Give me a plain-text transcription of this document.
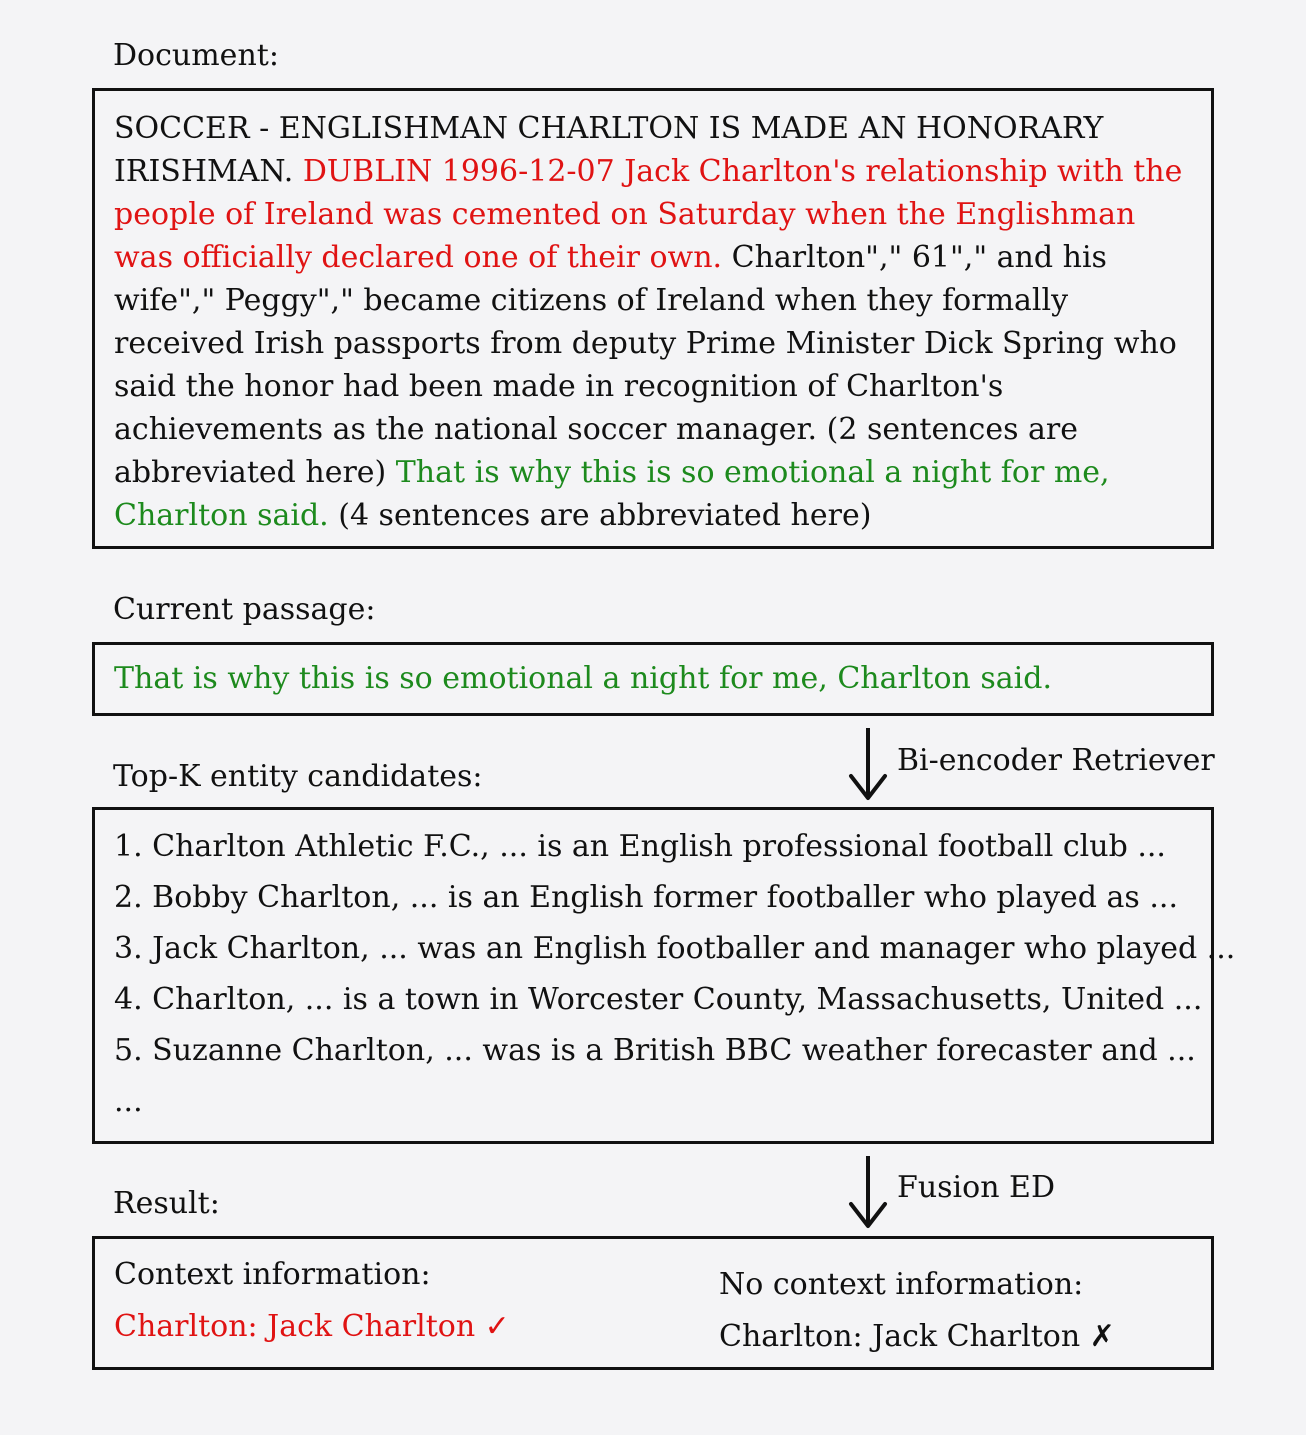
Document:
SOCCER - ENGLISHMAN CHARLTON IS MADE AN HONORARY IRISHMAN. DUBLIN 1996-12-07 Jack Charlton's relationship with the people of Ireland was cemented on Saturday when the Englishman was officially declared one of their own. Charlton"," 61"," and his wife"," Peggy"," became citizens of Ireland when they formally received Irish passports from deputy Prime Minister Dick Spring who said the honor had been made in recognition of Charlton's achievements as the national soccer manager. (2 sentences are abbreviated here) That is why this is so emotional a night for me, Charlton said. (4 sentences are abbreviated here)
Current passage:
That is why this is so emotional a night for me, Charlton said.
Bi-encoder Retriever
Top-K entity candidates:
1. Charlton Athletic F.C., ... is an English professional football club ...
2. Bobby Charlton, ... is an English former footballer who played as ...
3. Jack Charlton, ... was an English footballer and manager who played ...
4. Charlton, ... is a town in Worcester County, Massachusetts, United ...
5. Suzanne Charlton, ... was is a British BBC weather forecaster and ...
...
Fusion ED
Result:
Context information:
Charlton: Jack Charlton ✓
No context information:
Charlton: Jack Charlton ✗
